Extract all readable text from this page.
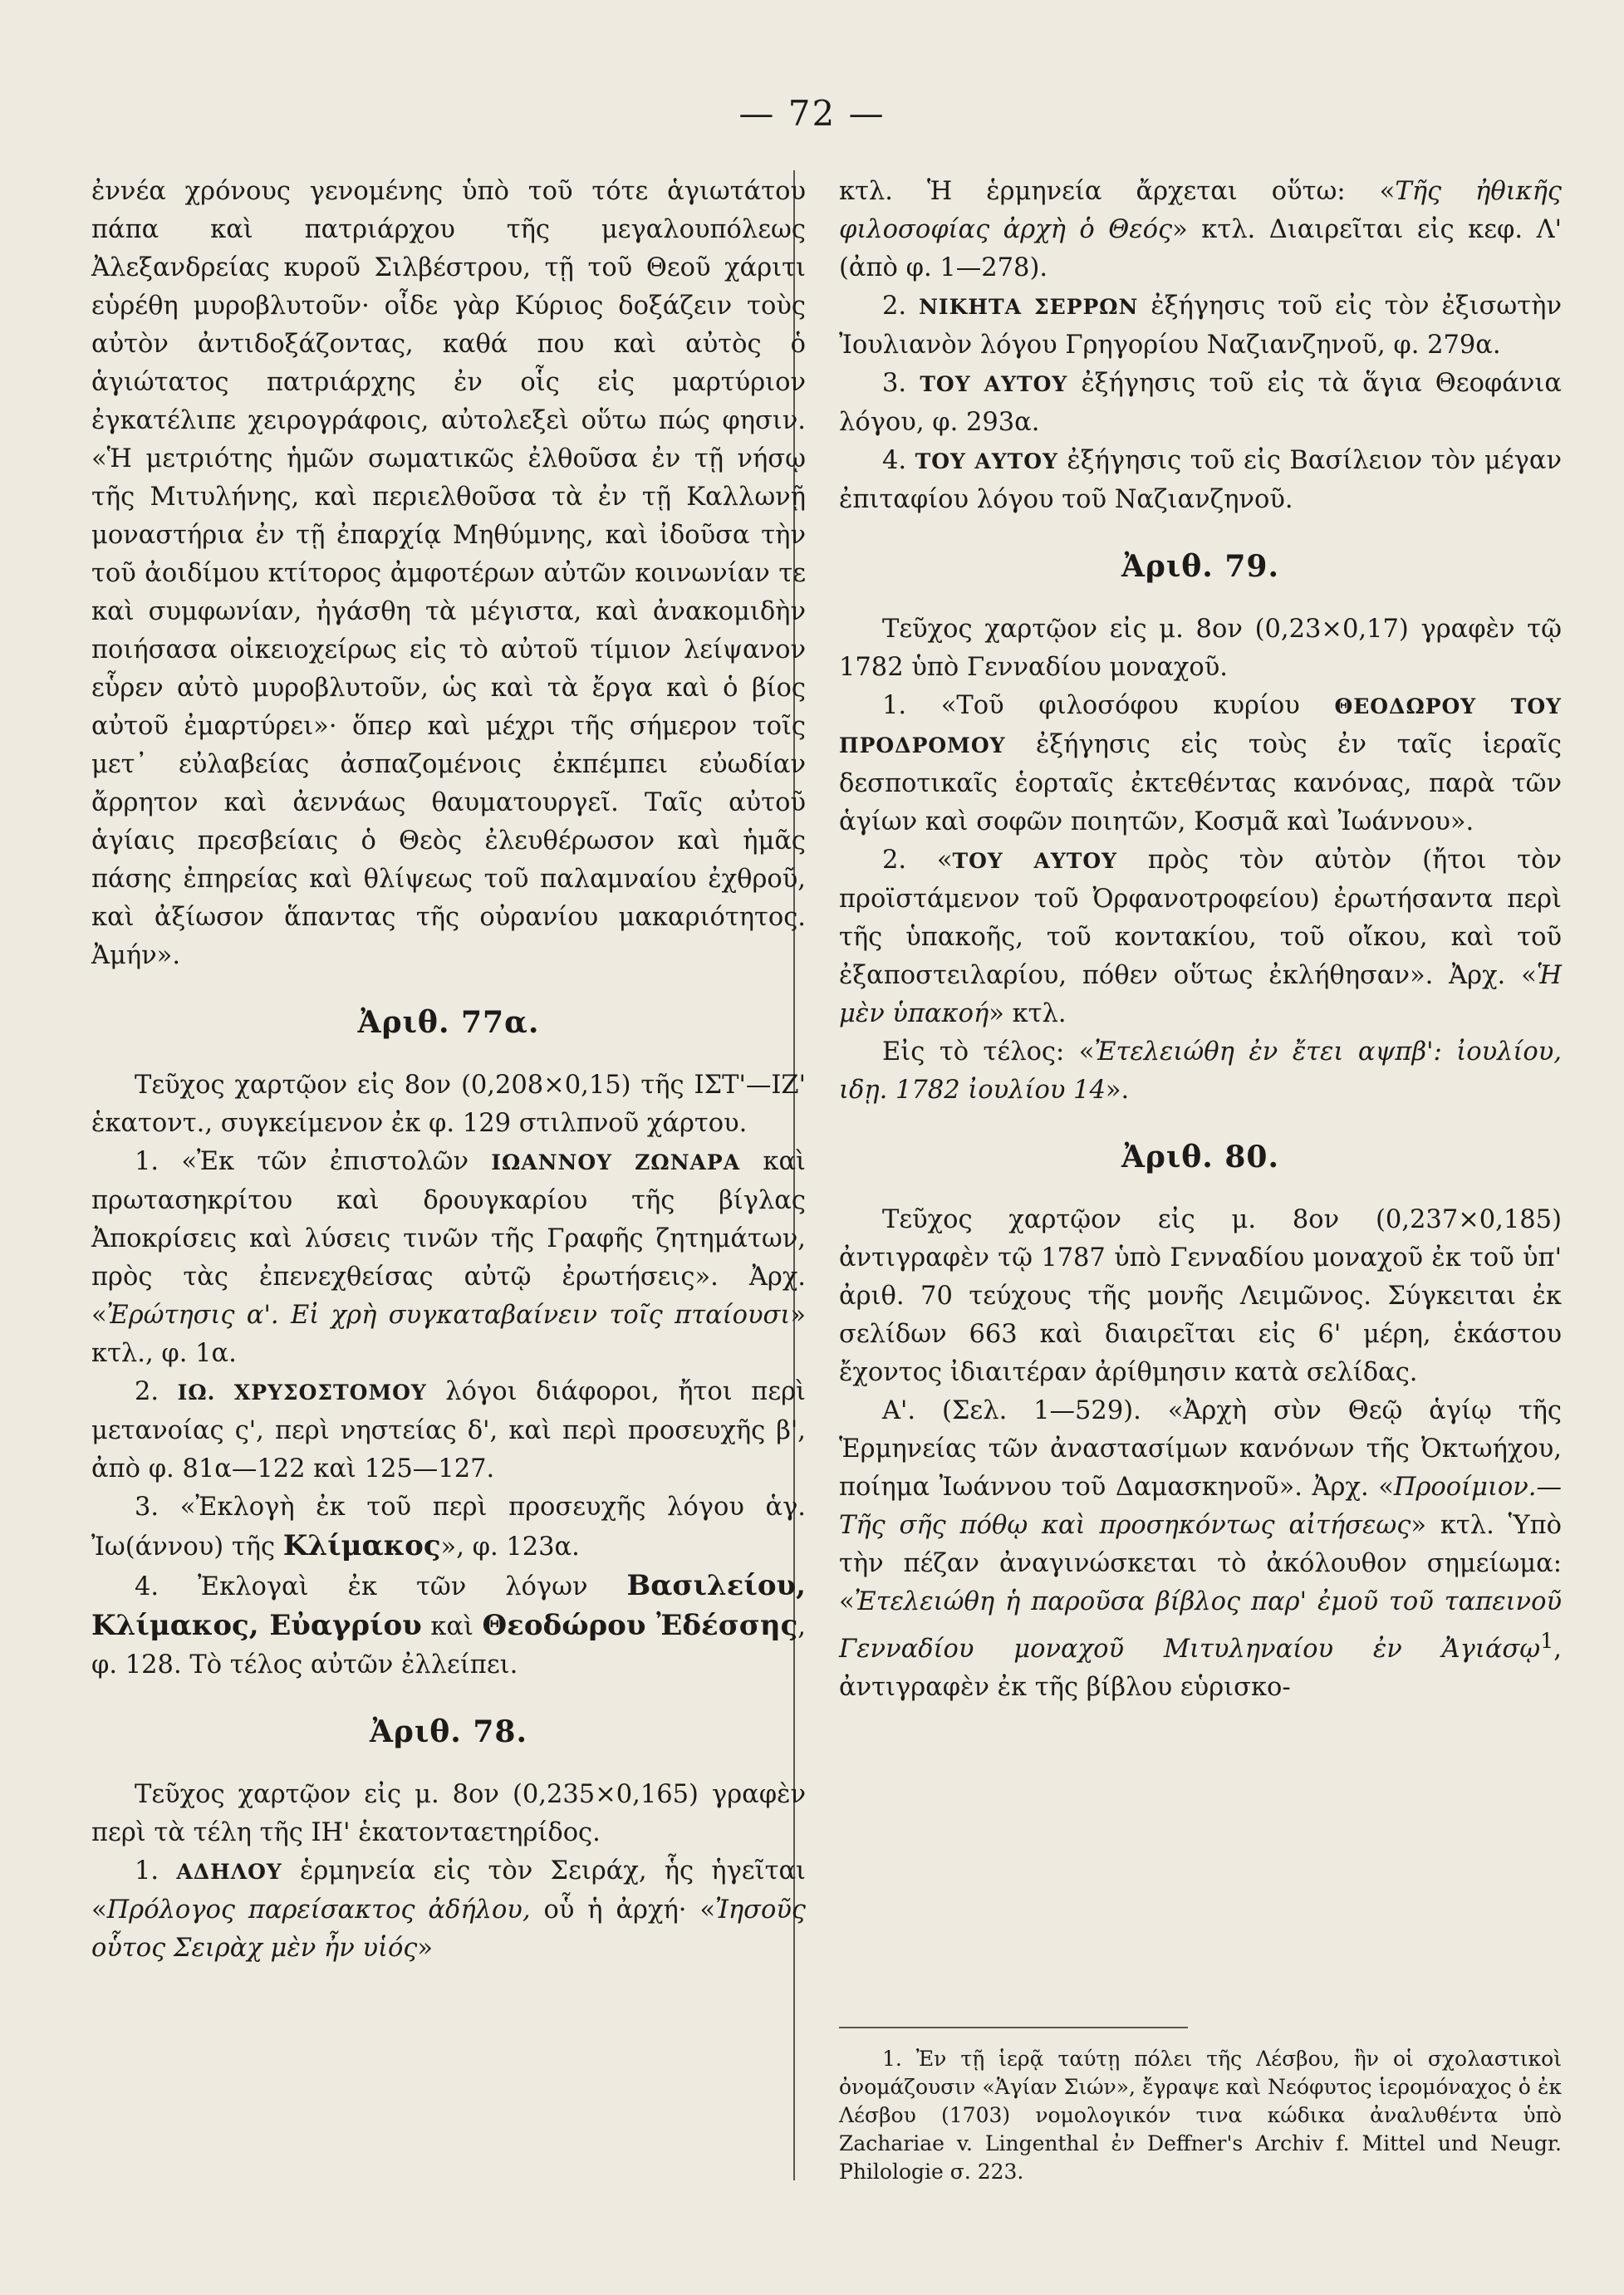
— 72 —

ἐννέα χρόνους γενομένης ὑπὸ τοῦ τότε ἁγιωτάτου πάπα καὶ πατριάρχου τῆς μεγαλουπόλεως Ἀλεξανδρείας κυροῦ Σιλβέστρου, τῇ τοῦ Θεοῦ χάριτι εὑρέθη μυροβλυτοῦν· οἶδε γὰρ Κύριος δοξάζειν τοὺς αὐτὸν ἀντιδοξάζοντας, καθά που καὶ αὐτὸς ὁ ἁγιώτατος πατριάρχης ἐν οἷς εἰς μαρτύριον ἐγκατέλιπε χειρογράφοις, αὐτολεξεὶ οὕτω πώς φησιν. «Ἡ μετριότης ἡμῶν σωματικῶς ἐλθοῦσα ἐν τῇ νήσῳ τῆς Μιτυλήνης, καὶ περιελθοῦσα τὰ ἐν τῇ Καλλωνῇ μοναστήρια ἐν τῇ ἐπαρχίᾳ Μηθύμνης, καὶ ἰδοῦσα τὴν τοῦ ἀοιδίμου κτίτορος ἀμφοτέρων αὐτῶν κοινωνίαν τε καὶ συμφωνίαν, ἠγάσθη τὰ μέγιστα, καὶ ἀνακομιδὴν ποιήσασα οἰκειοχείρως εἰς τὸ αὐτοῦ τίμιον λείψανον εὗρεν αὐτὸ μυροβλυτοῦν, ὡς καὶ τὰ ἔργα καὶ ὁ βίος αὐτοῦ ἐμαρτύρει»· ὅπερ καὶ μέχρι τῆς σήμερον τοῖς μετ᾽ εὐλαβείας ἀσπαζομένοις ἐκπέμπει εὐωδίαν ἄρρητον καὶ ἀεννάως θαυματουργεῖ. Ταῖς αὐτοῦ ἁγίαις πρεσβείαις ὁ Θεὸς ἐλευθέρωσον καὶ ἡμᾶς πάσης ἐπηρείας καὶ θλίψεως τοῦ παλαμναίου ἐχθροῦ, καὶ ἀξίωσον ἅπαντας τῆς οὐρανίου μακαριότητος. Ἀμήν».

Ἀριθ. 77α.

Τεῦχος χαρτῷον εἰς 8ον (0,208×0,15) τῆς ΙΣΤ'—ΙΖ' ἑκατοντ., συγκείμενον ἐκ φ. 129 στιλπνοῦ χάρτου.

1. «Ἐκ τῶν ἐπιστολῶν ΙΩΑΝΝΟΥ ΖΩΝΑΡΑ καὶ πρωτασηκρίτου καὶ δρουγκαρίου τῆς βίγλας Ἀποκρίσεις καὶ λύσεις τινῶν τῆς Γραφῆς ζητημάτων, πρὸς τὰς ἐπενεχθείσας αὐτῷ ἐρωτήσεις». Ἀρχ. «Ἐρώτησις α'. Εἰ χρὴ συγκαταβαίνειν τοῖς πταίουσι» κτλ., φ. 1α.

2. ΙΩ. ΧΡΥΣΟΣΤΟΜΟΥ λόγοι διάφοροι, ἤτοι περὶ μετανοίας ς', περὶ νηστείας δ', καὶ περὶ προσευχῆς β', ἀπὸ φ. 81α—122 καὶ 125—127.

3. «Ἐκλογὴ ἐκ τοῦ περὶ προσευχῆς λόγου ἁγ. Ἰω(άννου) τῆς Κλίμακος», φ. 123α.

4. Ἐκλογαὶ ἐκ τῶν λόγων Βασιλείου, Κλίμακος, Εὐαγρίου καὶ Θεοδώρου Ἐδέσσης, φ. 128. Τὸ τέλος αὐτῶν ἐλλείπει.

Ἀριθ. 78.

Τεῦχος χαρτῷον εἰς μ. 8ον (0,235×0,165) γραφὲν περὶ τὰ τέλη τῆς ΙΗ' ἑκατονταετηρίδος.

1. ΑΔΗΛΟΥ ἑρμηνεία εἰς τὸν Σειράχ, ἧς ἡγεῖται «Πρόλογος παρείσακτος ἀδήλου, οὗ ἡ ἀρχή· «Ἰησοῦς οὗτος Σειρὰχ μὲν ἦν υἱός»

κτλ. Ἡ ἑρμηνεία ἄρχεται οὕτω: «Τῆς ἠθικῆς φιλοσοφίας ἀρχὴ ὁ Θεός» κτλ. Διαιρεῖται εἰς κεφ. Λ' (ἀπὸ φ. 1—278).

2. ΝΙΚΗΤΑ ΣΕΡΡΩΝ ἐξήγησις τοῦ εἰς τὸν ἐξισωτὴν Ἰουλιανὸν λόγου Γρηγορίου Ναζιανζηνοῦ, φ. 279α.

3. ΤΟΥ ΑΥΤΟΥ ἐξήγησις τοῦ εἰς τὰ ἅγια Θεοφάνια λόγου, φ. 293α.

4. ΤΟΥ ΑΥΤΟΥ ἐξήγησις τοῦ εἰς Βασίλειον τὸν μέγαν ἐπιταφίου λόγου τοῦ Ναζιανζηνοῦ.

Ἀριθ. 79.

Τεῦχος χαρτῷον εἰς μ. 8ον (0,23×0,17) γραφὲν τῷ 1782 ὑπὸ Γενναδίου μοναχοῦ.

1. «Τοῦ φιλοσόφου κυρίου ΘΕΟΔΩΡΟΥ ΤΟΥ ΠΡΟΔΡΟΜΟΥ ἐξήγησις εἰς τοὺς ἐν ταῖς ἱεραῖς δεσποτικαῖς ἑορταῖς ἐκτεθέντας κανόνας, παρὰ τῶν ἁγίων καὶ σοφῶν ποιητῶν, Κοσμᾶ καὶ Ἰωάννου».

2. «ΤΟΥ ΑΥΤΟΥ πρὸς τὸν αὐτὸν (ἤτοι τὸν προϊστάμενον τοῦ Ὀρφανοτροφείου) ἐρωτήσαντα περὶ τῆς ὑπακοῆς, τοῦ κοντακίου, τοῦ οἴκου, καὶ τοῦ ἐξαποστειλαρίου, πόθεν οὕτως ἐκλήθησαν». Ἀρχ. «Ἡ μὲν ὑπακοή» κτλ.

Εἰς τὸ τέλος: «Ἐτελειώθη ἐν ἔτει αψπβ': ἰουλίου, ιδῃ. 1782 ἰουλίου 14».

Ἀριθ. 80.

Τεῦχος χαρτῷον εἰς μ. 8ον (0,237×0,185) ἀντιγραφὲν τῷ 1787 ὑπὸ Γενναδίου μοναχοῦ ἐκ τοῦ ὑπ' ἀριθ. 70 τεύχους τῆς μονῆς Λειμῶνος. Σύγκειται ἐκ σελίδων 663 καὶ διαιρεῖται εἰς 6' μέρη, ἑκάστου ἔχοντος ἰδιαιτέραν ἀρίθμησιν κατὰ σελίδας.

Α'. (Σελ. 1—529). «Ἀρχὴ σὺν Θεῷ ἁγίῳ τῆς Ἑρμηνείας τῶν ἀναστασίμων κανόνων τῆς Ὀκτωήχου, ποίημα Ἰωάννου τοῦ Δαμασκηνοῦ». Ἀρχ. «Προοίμιον.— Τῆς σῆς πόθῳ καὶ προσηκόντως αἰτήσεως» κτλ. Ὑπὸ τὴν πέζαν ἀναγινώσκεται τὸ ἀκόλουθον σημείωμα: «Ἐτελειώθη ἡ παροῦσα βίβλος παρ' ἐμοῦ τοῦ ταπεινοῦ Γενναδίου μοναχοῦ Μιτυληναίου ἐν Ἀγιάσῳ$^1$, ἀντιγραφὲν ἐκ τῆς βίβλου εὑρισκο-

1. Ἐν τῇ ἱερᾷ ταύτῃ πόλει τῆς Λέσβου, ἣν οἱ σχολαστικοὶ ὀνομάζουσιν «Ἁγίαν Σιών», ἔγραψε καὶ Νεόφυτος ἱερομόναχος ὁ ἐκ Λέσβου (1703) νομολογικόν τινα κώδικα ἀναλυθέντα ὑπὸ Zachariae v. Lingenthal ἐν Deffner's Archiv f. Mittel und Neugr. Philologie σ. 223.
